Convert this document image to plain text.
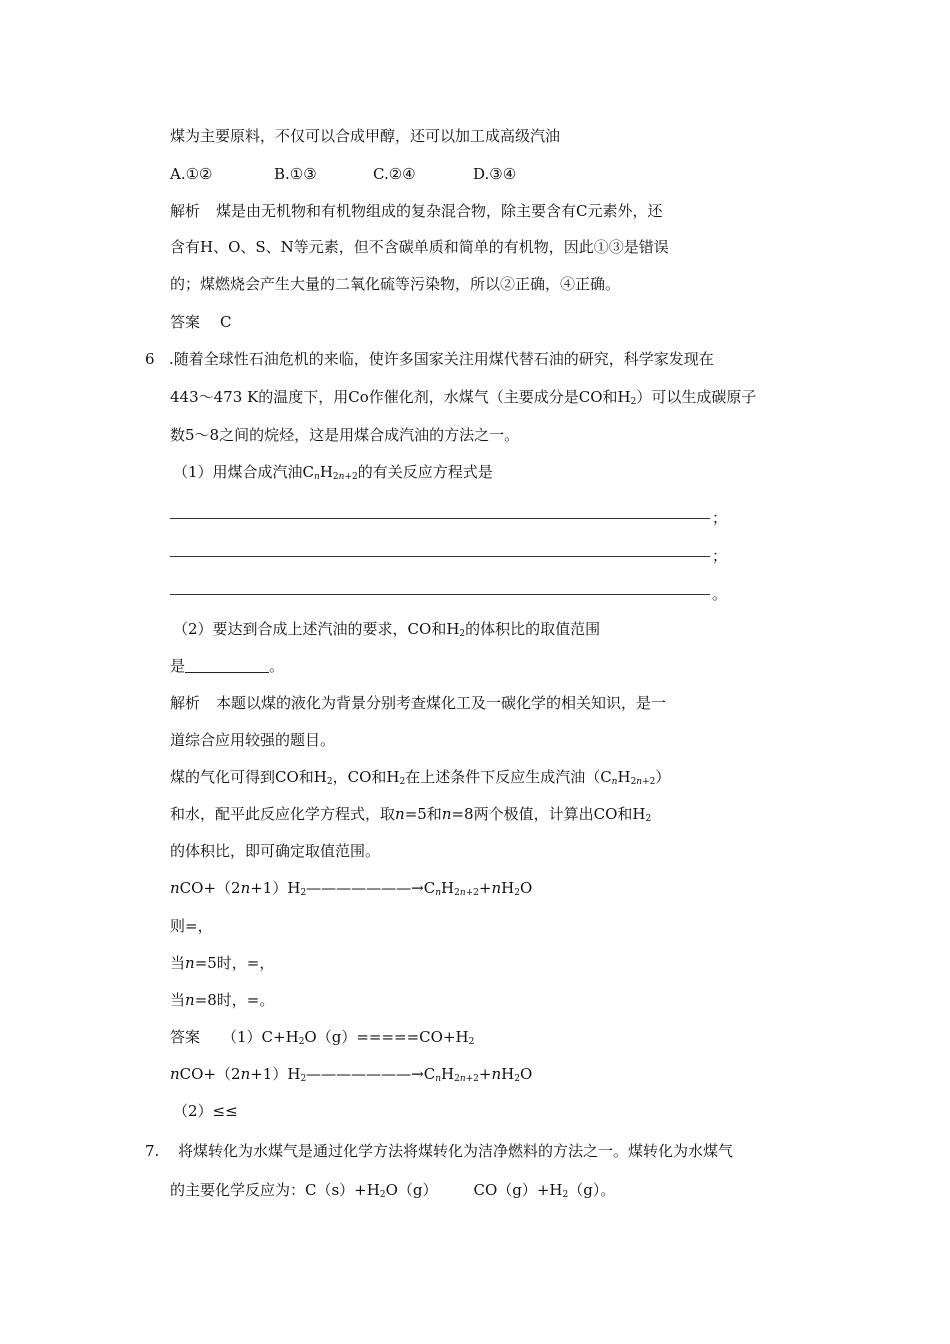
煤为主要原料，不仅可以合成甲醇，还可以加工成高级汽油
A.①②	B.①③	C.②④	D.③④
解析 煤是由无机物和有机物组成的复杂混合物，除主要含有C元素外，还
含有H、O、S、N等元素，但不含碳单质和简单的有机物，因此①③是错误
的；煤燃烧会产生大量的二氧化硫等污染物，所以②正确，④正确。
答案 C
6 .随着全球性石油危机的来临，使许多国家关注用煤代替石油的研究，科学家发现在
443～473 K的温度下，用Co作催化剂，水煤气（主要成分是CO和$H_2$）可以生成碳原子
数5～8之间的烷烃，这是用煤合成汽油的方法之一。
（1）用煤合成汽油$C_nH_{2n+2}$的有关反应方程式是
；
；
。
（2）要达到合成上述汽油的要求，CO和$H_2$的体积比的取值范围
是	。
解析 本题以煤的液化为背景分别考查煤化工及一碳化学的相关知识，是一
道综合应用较强的题目。
煤的气化可得到CO和$H_2$，CO和$H_2$在上述条件下反应生成汽油$(C_nH_{2n+2})$
和水，配平此反应化学方程式，取n=5和n=8两个极值，计算出CO和$H_2$
的体积比，即可确定取值范围。
$nCO+(2n+1)H_2———————\to C_nH_{2n+2}+nH_2O$
则=，
当n=5时，=，
当n=8时，=。
答案 $(1)C+H_2O(g)=====CO+H_2$
$nCO+(2n+1)H_2———————\to C_nH_{2n+2}+nH_2O$
（2）≤≤
7. 将煤转化为水煤气是通过化学方法将煤转化为洁净燃料的方法之一。煤转化为水煤气
的主要化学反应为：$C(s)+H_2O(g)$ $CO(g)+H_2(g)$。
